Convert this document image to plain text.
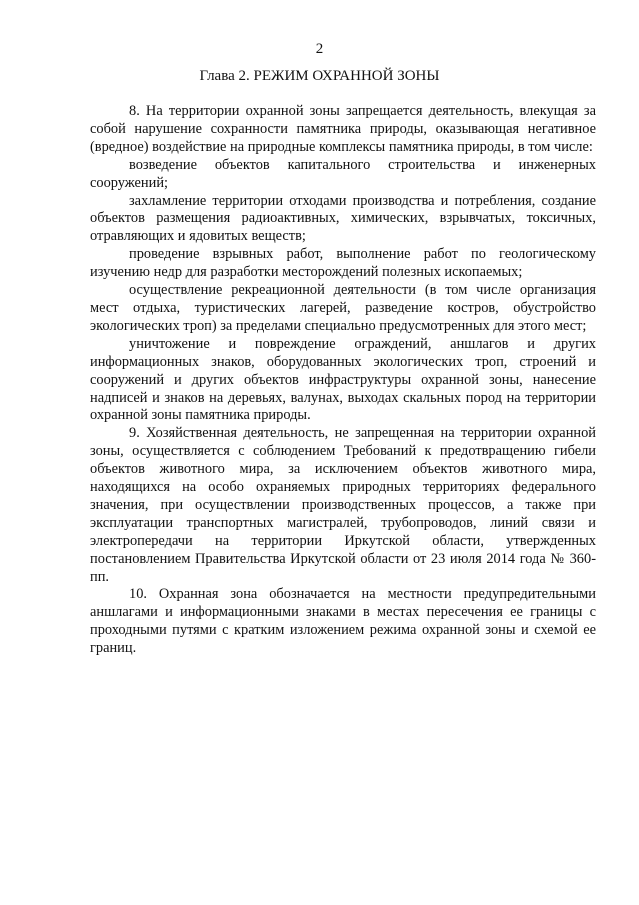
2
Глава 2. РЕЖИМ ОХРАННОЙ ЗОНЫ

8. На территории охранной зоны запрещается деятельность, влекущая за собой нарушение сохранности памятника природы, оказывающая негативное (вредное) воздействие на природные комплексы памятника природы, в том числе:

возведение объектов капитального строительства и инженерных сооружений;

захламление территории отходами производства и потребления, создание объектов размещения радиоактивных, химических, взрывчатых, токсичных, отравляющих и ядовитых веществ;

проведение взрывных работ, выполнение работ по геологическому изучению недр для разработки месторождений полезных ископаемых;

осуществление рекреационной деятельности (в том числе организация мест отдыха, туристических лагерей, разведение костров, обустройство экологических троп) за пределами специально предусмотренных для этого мест;

уничтожение и повреждение ограждений, аншлагов и других информационных знаков, оборудованных экологических троп, строений и сооружений и других объектов инфраструктуры охранной зоны, нанесение надписей и знаков на деревьях, валунах, выходах скальных пород на территории охранной зоны памятника природы.

9. Хозяйственная деятельность, не запрещенная на территории охранной зоны, осуществляется с соблюдением Требований к предотвращению гибели объектов животного мира, за исключением объектов животного мира, находящихся на особо охраняемых природных территориях федерального значения, при осуществлении производственных процессов, а также при эксплуатации транспортных магистралей, трубопроводов, линий связи и электропередачи на территории Иркутской области, утвержденных постановлением Правительства Иркутской области от 23 июля 2014 года № 360-пп.

10. Охранная зона обозначается на местности предупредительными аншлагами и информационными знаками в местах пересечения ее границы с проходными путями с кратким изложением режима охранной зоны и схемой ее границ.
